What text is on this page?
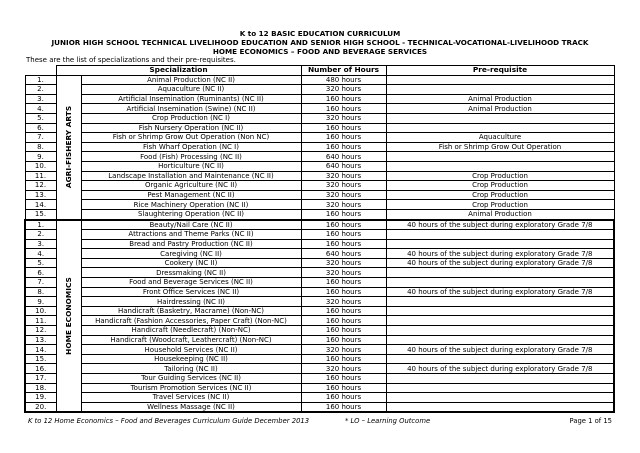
K to 12 BASIC EDUCATION CURRICULUM
JUNIOR HIGH SCHOOL TECHNICAL LIVELIHOOD EDUCATION AND SENIOR HIGH SCHOOL - TECHNICAL-VOCATIONAL-LIVELIHOOD TRACK
HOME ECONOMICS – FOOD AND BEVERAGE SERVICES
These are the list of specializations and their pre-requisites.
	Specialization		Number of Hours	Pre-requisite
1.	AGRI-FISHERY ARTS	Animal Production (NC II)	480 hours	
2.		Aquaculture (NC II)	320 hours	
3.		Artificial Insemination (Ruminants) (NC II)	160 hours	Animal Production
4.		Artificial Insemination (Swine) (NC II)	160 hours	Animal Production
5.		Crop Production (NC I)	320 hours	
6.		Fish Nursery Operation (NC II)	160 hours	
7.		Fish or Shrimp Grow Out Operation (Non NC)	160 hours	Aquaculture
8.		Fish Wharf Operation (NC I)	160 hours	Fish or Shrimp Grow Out Operation
9.		Food (Fish) Processing (NC II)	640 hours	
10.		Horticulture (NC II)	640 hours	
11.		Landscape Installation and Maintenance (NC II)	320 hours	Crop Production
12.		Organic Agriculture (NC II)	320 hours	Crop Production
13.		Pest Management (NC II)	320 hours	Crop Production
14.		Rice Machinery Operation (NC II)	320 hours	Crop Production
15.		Slaughtering Operation (NC II)	160 hours	Animal Production
1.	HOME ECONOMICS	Beauty/Nail Care (NC II)	160 hours	40 hours of the subject during exploratory Grade 7/8
2.		Attractions and Theme Parks (NC II)	160 hours	
3.		Bread and Pastry Production (NC II)	160 hours	
4.		Caregiving (NC II)	640 hours	40 hours of the subject during exploratory Grade 7/8
5.		Cookery (NC II)	320 hours	40 hours of the subject during exploratory Grade 7/8
6.		Dressmaking (NC II)	320 hours	
7.		Food and Beverage Services (NC II)	160 hours	
8.		Front Office Services (NC II)	160 hours	40 hours of the subject during exploratory Grade 7/8
9.		Hairdressing (NC II)	320 hours	
10.		Handicraft (Basketry, Macrame) (Non-NC)	160 hours	
11.		Handicraft (Fashion Accessories, Paper Craft) (Non-NC)	160 hours	
12.		Handicraft (Needlecraft) (Non-NC)	160 hours	
13.		Handicraft (Woodcraft, Leathercraft) (Non-NC)	160 hours	
14.		Household Services (NC II)	320 hours	40 hours of the subject during exploratory Grade 7/8
15.		Housekeeping (NC II)	160 hours	
16.		Tailoring (NC II)	320 hours	40 hours of the subject during exploratory Grade 7/8
17.		Tour Guiding Services (NC II)	160 hours	
18.		Tourism Promotion Services (NC II)	160 hours	
19.		Travel Services (NC II)	160 hours	
20.		Wellness Massage (NC II)	160 hours	
K to 12 Home Economics – Food and Beverages Curriculum Guide December 2013	* LO – Learning Outcome	Page 1 of 15
